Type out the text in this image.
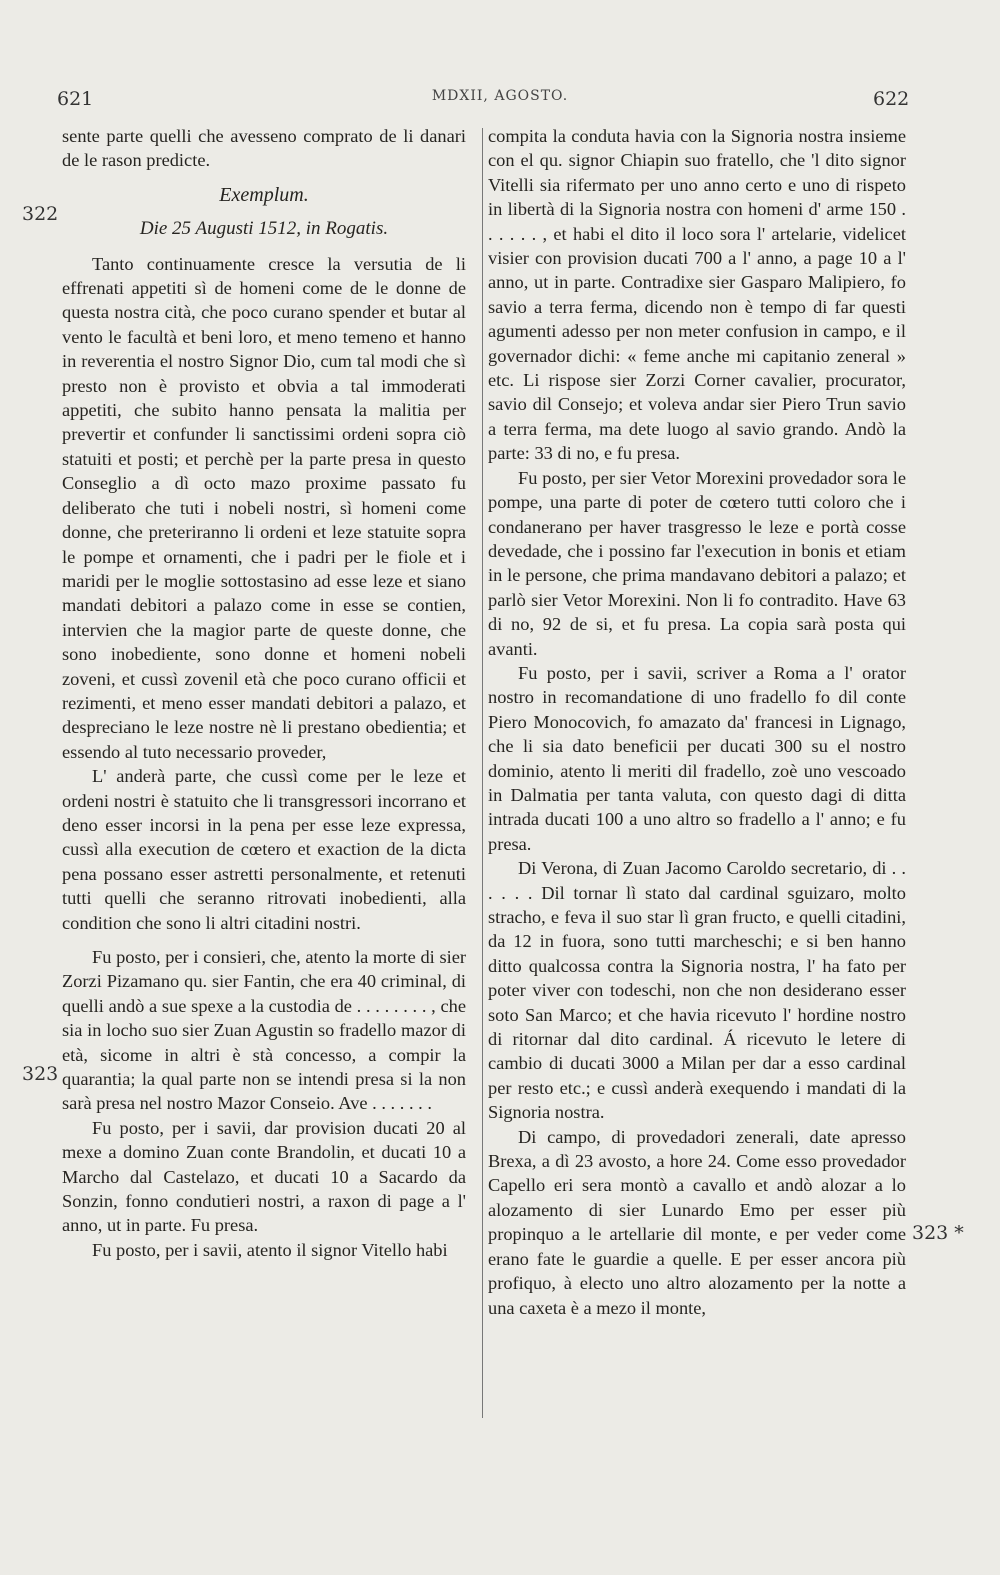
621	MDXII, AGOSTO.	622
322
323
323 *

sente parte quelli che avesseno comprato de li danari de le rason predicte.

Exemplum.

Die 25 Augusti 1512, in Rogatis.

Tanto continuamente cresce la versutia de li effrenati appetiti sì de homeni come de le donne de questa nostra cità, che poco curano spender et butar al vento le facultà et beni loro, et meno temeno et hanno in reverentia el nostro Signor Dio, cum tal modi che sì presto non è provisto et obvia a tal immoderati appetiti, che subito hanno pensata la malitia per prevertir et confunder li sanctissimi ordeni sopra ciò statuiti et posti; et perchè per la parte presa in questo Conseglio a dì octo mazo proxime passato fu deliberato che tuti i nobeli nostri, sì homeni come donne, che preteriranno li ordeni et leze statuite sopra le pompe et ornamenti, che i padri per le fiole et i maridi per le moglie sottostasino ad esse leze et siano mandati debitori a palazo come in esse se contien, intervien che la magior parte de queste donne, che sono inobediente, sono donne et homeni nobeli zoveni, et cussì zovenil età che poco curano officii et rezimenti, et meno esser mandati debitori a palazo, et despreciano le leze nostre nè li prestano obedientia; et essendo al tuto necessario proveder,

L' anderà parte, che cussì come per le leze et ordeni nostri è statuito che li transgressori incorrano et deno esser incorsi in la pena per esse leze expressa, cussì alla execution de cœtero et exaction de la dicta pena possano esser astretti personalmente, et retenuti tutti quelli che seranno ritrovati inobedienti, alla condition che sono li altri citadini nostri.

Fu posto, per i consieri, che, atento la morte di sier Zorzi Pizamano qu. sier Fantin, che era 40 criminal, di quelli andò a sue spexe a la custodia de . . . . . . . . , che sia in locho suo sier Zuan Agustin so fradello mazor di età, sicome in altri è stà concesso, a compir la quarantia; la qual parte non se intendi presa si la non sarà presa nel nostro Mazor Conseio. Ave . . . . . . .

Fu posto, per i savii, dar provision ducati 20 al mexe a domino Zuan conte Brandolin, et ducati 10 a Marcho dal Castelazo, et ducati 10 a Sacardo da Sonzin, fonno condutieri nostri, a raxon di page a l' anno, ut in parte. Fu presa.

Fu posto, per i savii, atento il signor Vitello habi

compita la conduta havia con la Signoria nostra insieme con el qu. signor Chiapin suo fratello, che 'l dito signor Vitelli sia rifermato per uno anno certo e uno di rispeto in libertà di la Signoria nostra con homeni d' arme 150 . . . . . . , et habi el dito il loco sora l' artelarie, videlicet visier con provision ducati 700 a l' anno, a page 10 a l' anno, ut in parte. Contradixe sier Gasparo Malipiero, fo savio a terra ferma, dicendo non è tempo di far questi agumenti adesso per non meter confusion in campo, e il governador dichi: « feme anche mi capitanio zeneral » etc. Li rispose sier Zorzi Corner cavalier, procurator, savio dil Consejo; et voleva andar sier Piero Trun savio a terra ferma, ma dete luogo al savio grando. Andò la parte: 33 di no, e fu presa.

Fu posto, per sier Vetor Morexini provedador sora le pompe, una parte di poter de cœtero tutti coloro che i condanerano per haver trasgresso le leze e portà cosse devedade, che i possino far l'execution in bonis et etiam in le persone, che prima mandavano debitori a palazo; et parlò sier Vetor Morexini. Non li fo contradito. Have 63 di no, 92 de si, et fu presa. La copia sarà posta qui avanti.

Fu posto, per i savii, scriver a Roma a l' orator nostro in recomandatione di uno fradello fo dil conte Piero Monocovich, fo amazato da' francesi in Lignago, che li sia dato beneficii per ducati 300 su el nostro dominio, atento li meriti dil fradello, zoè uno vescoado in Dalmatia per tanta valuta, con questo dagi di ditta intrada ducati 100 a uno altro so fradello a l' anno; e fu presa.

Di Verona, di Zuan Jacomo Caroldo secretario, di . . . . . . Dil tornar lì stato dal cardinal sguizaro, molto stracho, e feva il suo star lì gran fructo, e quelli citadini, da 12 in fuora, sono tutti marcheschi; e si ben hanno ditto qualcossa contra la Signoria nostra, l' ha fato per poter viver con todeschi, non che non desiderano esser soto San Marco; et che havia ricevuto l' hordine nostro di ritornar dal dito cardinal. Á ricevuto le letere di cambio di ducati 3000 a Milan per dar a esso cardinal per resto etc.; e cussì anderà exequendo i mandati di la Signoria nostra.

Di campo, di provedadori zenerali, date apresso Brexa, a dì 23 avosto, a hore 24. Come esso provedador Capello eri sera montò a cavallo et andò alozar a lo alozamento di sier Lunardo Emo per esser più propinquo a le artellarie dil monte, e per veder come erano fate le guardie a quelle. E per esser ancora più profiquo, à electo uno altro alozamento per la notte a una caxeta è a mezo il monte,
